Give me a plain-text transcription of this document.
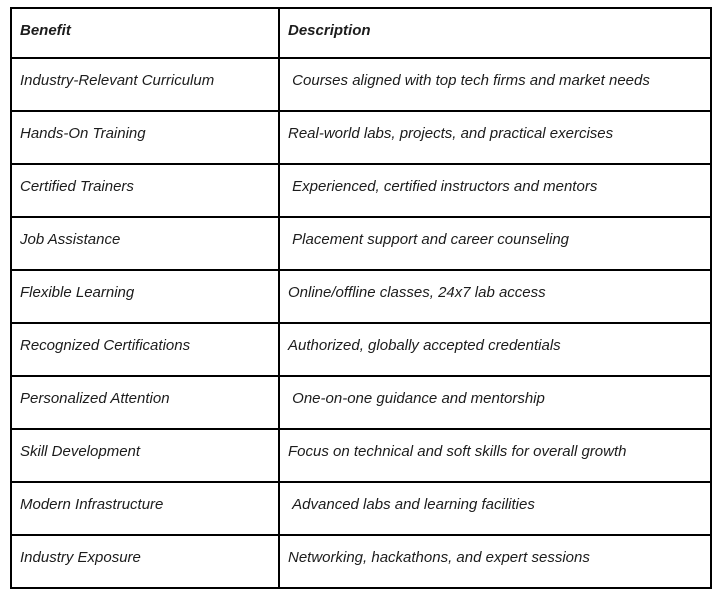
Benefit	Description
Industry-Relevant Curriculum	Courses aligned with top tech firms and market needs
Hands-On Training	Real-world labs, projects, and practical exercises
Certified Trainers	Experienced, certified instructors and mentors
Job Assistance	Placement support and career counseling
Flexible Learning	Online/offline classes, 24x7 lab access
Recognized Certifications	Authorized, globally accepted credentials
Personalized Attention	One-on-one guidance and mentorship
Skill Development	Focus on technical and soft skills for overall growth
Modern Infrastructure	Advanced labs and learning facilities
Industry Exposure	Networking, hackathons, and expert sessions
